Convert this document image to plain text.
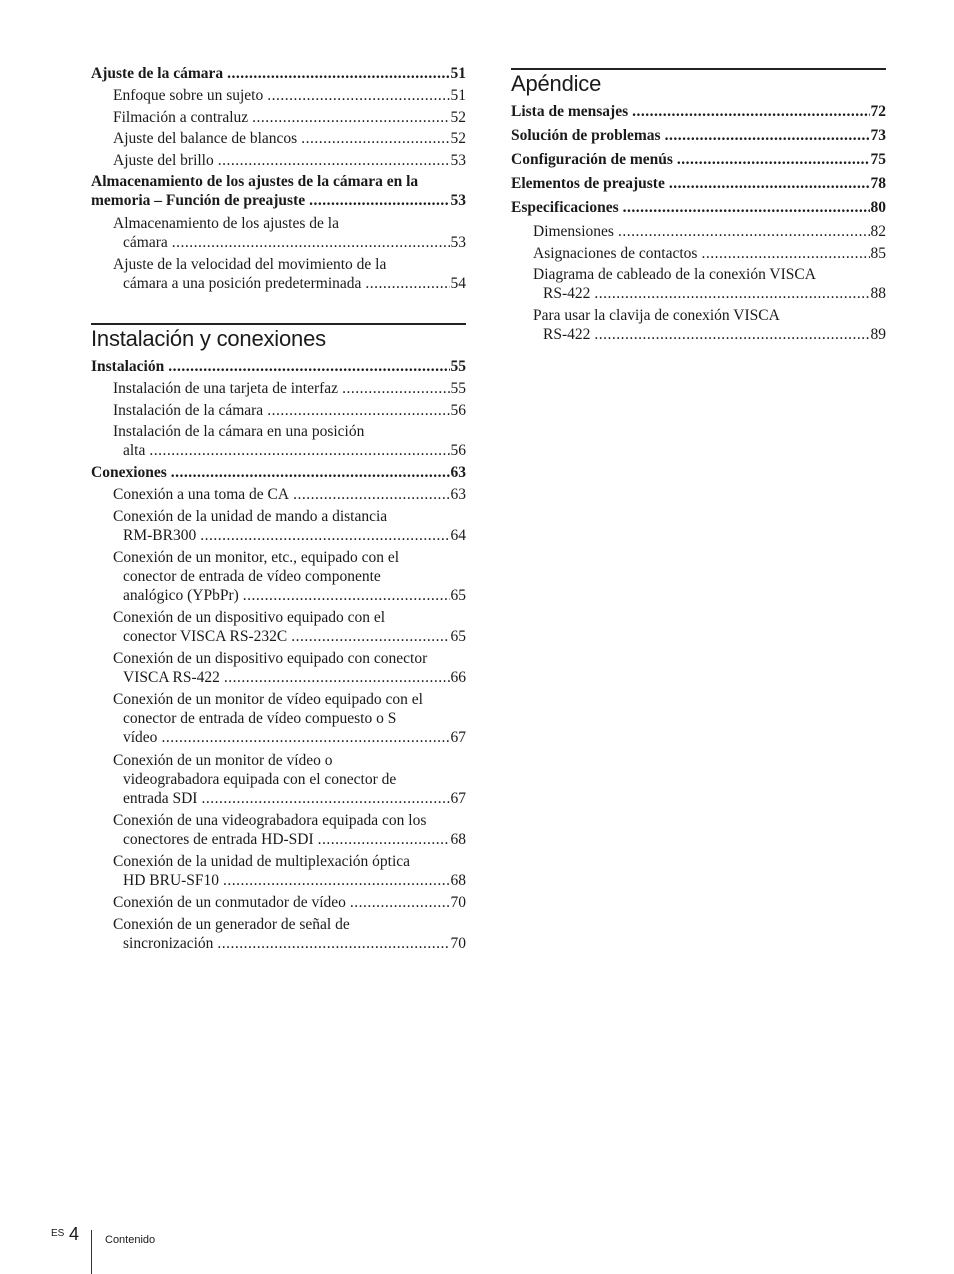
Instalación y conexiones
Ajuste de la cámara .....	51
Enfoque sobre un sujeto .....	51
Filmación a contraluz .....	52
Ajuste del balance de blancos .....	52
Ajuste del brillo .....	53
Almacenamiento de los ajustes de la cámara en la
memoria – Función de preajuste .....	53
Almacenamiento de los ajustes de la
cámara .....	53
Ajuste de la velocidad del movimiento de la
cámara a una posición predeterminada .....	54
Instalación .....	55
Instalación de una tarjeta de interfaz .....	55
Instalación de la cámara .....	56
Instalación de la cámara en una posición
alta .....	56
Conexiones .....	63
Conexión a una toma de CA .....	63
Conexión de la unidad de mando a distancia
RM-BR300 .....	64
Conexión de un monitor, etc., equipado con el
conector de entrada de vídeo componente
analógico (YPbPr) .....	65
Conexión de un dispositivo equipado con el
conector VISCA RS-232C .....	65
Conexión de un dispositivo equipado con conector
VISCA RS-422 .....	66
Conexión de un monitor de vídeo equipado con el
conector de entrada de vídeo compuesto o S
vídeo .....	67
Conexión de un monitor de vídeo o
videograbadora equipada con el conector de
entrada SDI .....	67
Conexión de una videograbadora equipada con los
conectores de entrada HD-SDI .....	68
Conexión de la unidad de multiplexación óptica
HD BRU-SF10 .....	68
Conexión de un conmutador de vídeo .....	70
Conexión de un generador de señal de
sincronización .....	70
Apéndice
Lista de mensajes .....	72
Solución de problemas .....	73
Configuración de menús .....	75
Elementos de preajuste .....	78
Especificaciones .....	80
Dimensiones .....	82
Asignaciones de contactos .....	85
Diagrama de cableado de la conexión VISCA
RS-422 .....	88
Para usar la clavija de conexión VISCA
RS-422 .....	89
ES 4 Contenido
